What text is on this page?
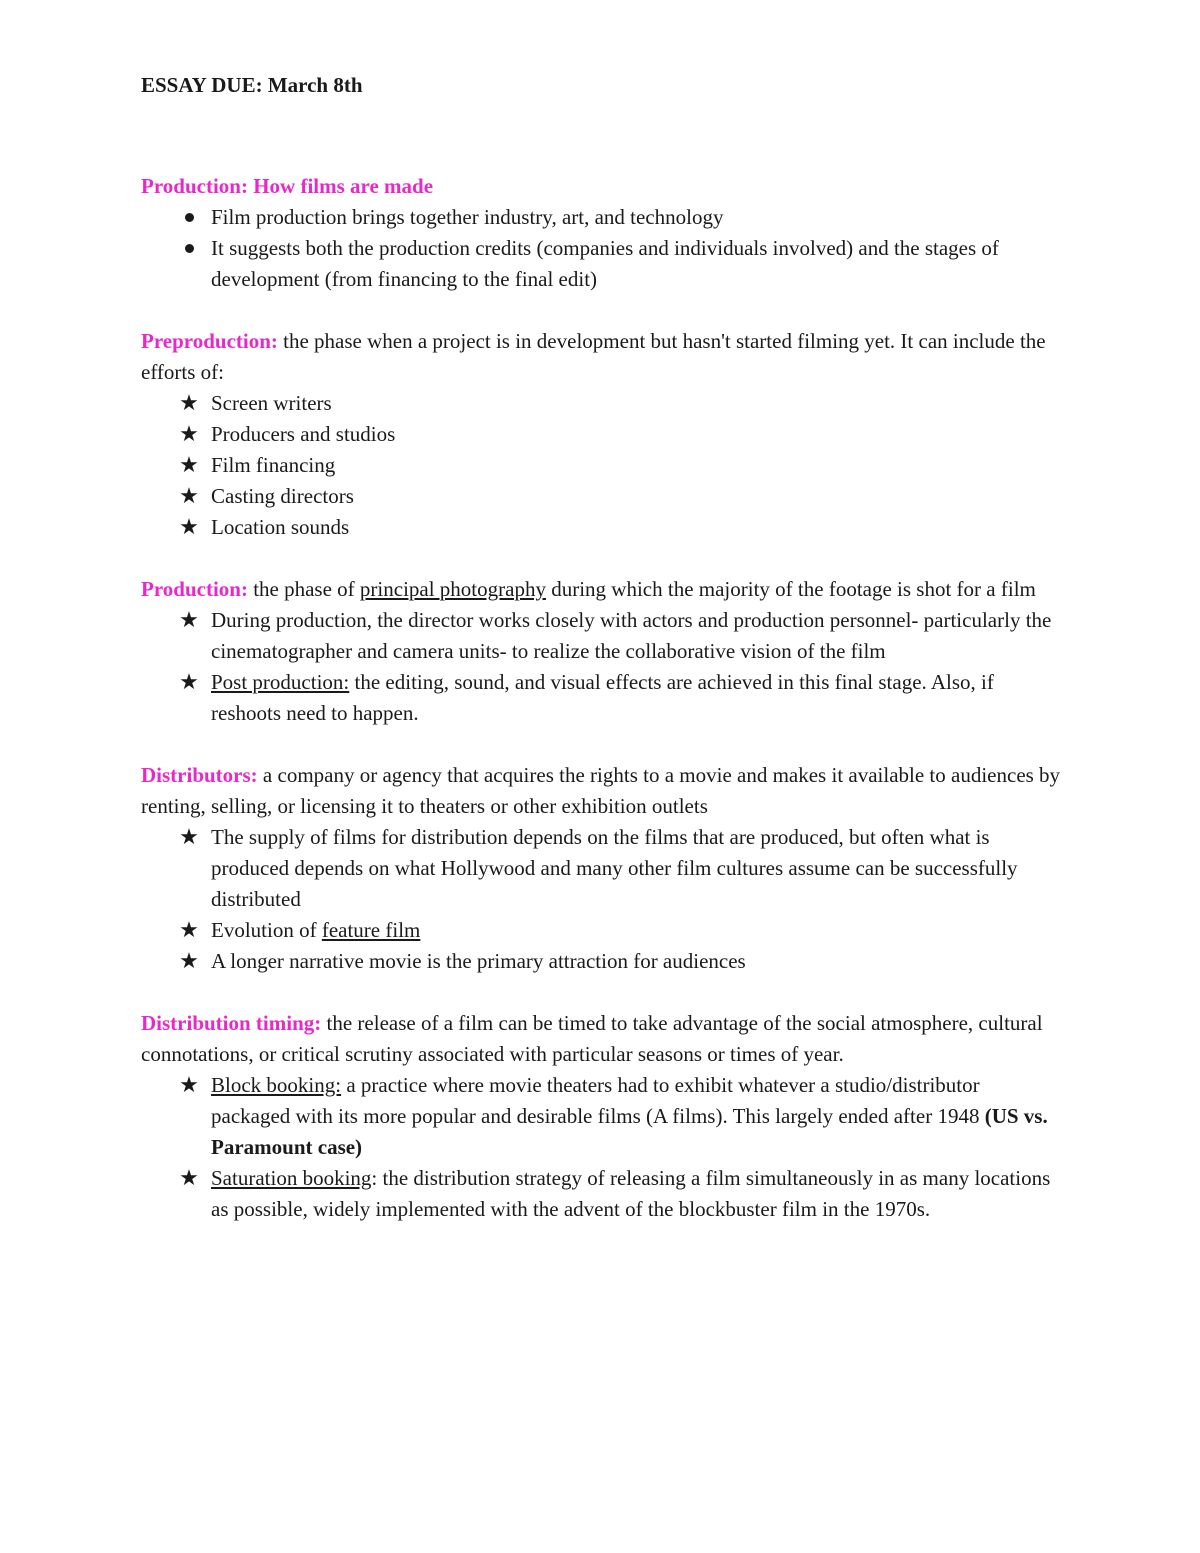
ESSAY DUE: March 8th

Production: How films are made

Film production brings together industry, art, and technology
It suggests both the production credits (companies and individuals involved) and the stages of development (from financing to the final edit)

Preproduction: the phase when a project is in development but hasn't started filming yet. It can include the efforts of:

★ Screen writers
★ Producers and studios
★ Film financing
★ Casting directors
★ Location sounds

Production: the phase of principal photography during which the majority of the footage is shot for a film

★ During production, the director works closely with actors and production personnel- particularly the cinematographer and camera units- to realize the collaborative vision of the film
★ Post production: the editing, sound, and visual effects are achieved in this final stage. Also, if reshoots need to happen.

Distributors: a company or agency that acquires the rights to a movie and makes it available to audiences by renting, selling, or licensing it to theaters or other exhibition outlets

★ The supply of films for distribution depends on the films that are produced, but often what is produced depends on what Hollywood and many other film cultures assume can be successfully distributed
★ Evolution of feature film
★ A longer narrative movie is the primary attraction for audiences

Distribution timing: the release of a film can be timed to take advantage of the social atmosphere, cultural connotations, or critical scrutiny associated with particular seasons or times of year.

★ Block booking: a practice where movie theaters had to exhibit whatever a studio/distributor packaged with its more popular and desirable films (A films). This largely ended after 1948 (US vs. Paramount case)
★ Saturation booking: the distribution strategy of releasing a film simultaneously in as many locations as possible, widely implemented with the advent of the blockbuster film in the 1970s.
